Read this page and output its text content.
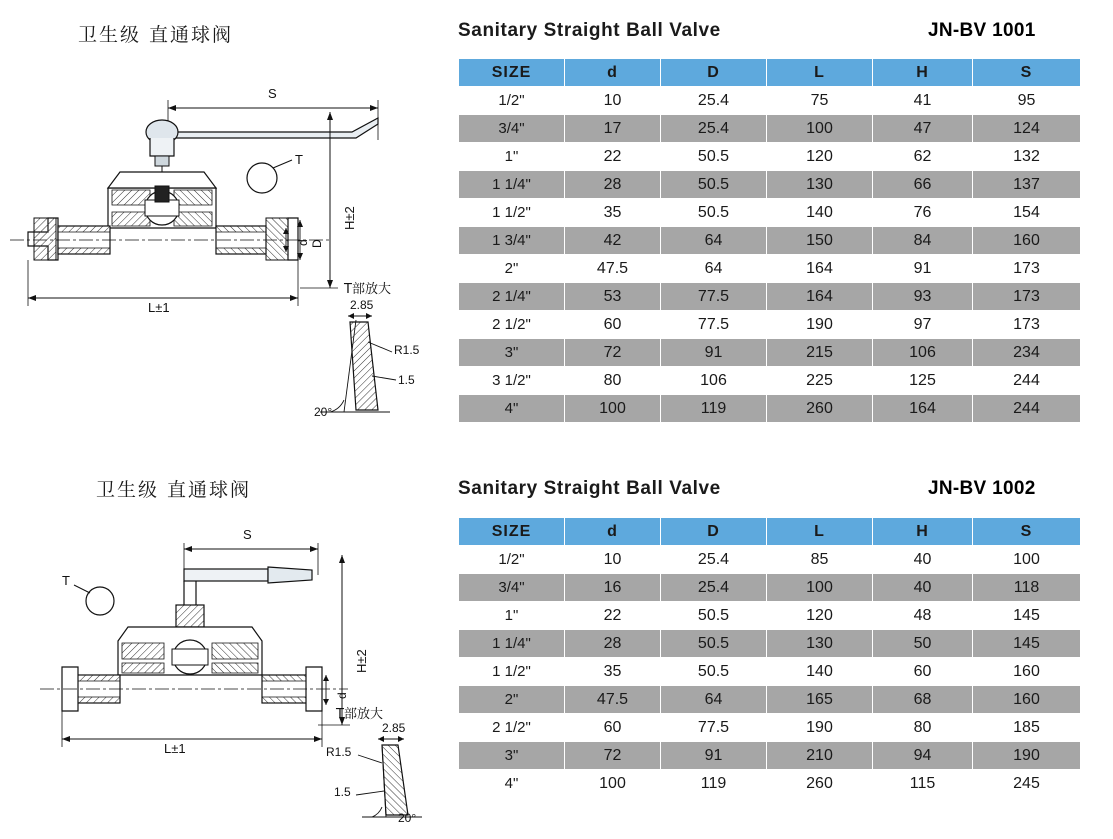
卫生级 直通球阀	Sanitary Straight Ball Valve	JN-BV 1001
S
T
H±2
D
d
L±1
T部放大
2.85
R1.5
1.5
20°
SIZE	d	D	L	H	S
1/2"	10	25.4	75	41	95
3/4"	17	25.4	100	47	124
1"	22	50.5	120	62	132
1 1/4"	28	50.5	130	66	137
1 1/2"	35	50.5	140	76	154
1 3/4"	42	64	150	84	160
2"	47.5	64	164	91	173
2 1/4"	53	77.5	164	93	173
2 1/2"	60	77.5	190	97	173
3"	72	91	215	106	234
3 1/2"	80	106	225	125	244
4"	100	119	260	164	244
卫生级 直通球阀	Sanitary Straight Ball Valve	JN-BV 1002
S
T
H±2
d
L±1
T部放大
2.85
R1.5
1.5
20°
SIZE	d	D	L	H	S
1/2"	10	25.4	85	40	100
3/4"	16	25.4	100	40	118
1"	22	50.5	120	48	145
1 1/4"	28	50.5	130	50	145
1 1/2"	35	50.5	140	60	160
2"	47.5	64	165	68	160
2 1/2"	60	77.5	190	80	185
3"	72	91	210	94	190
4"	100	119	260	115	245
